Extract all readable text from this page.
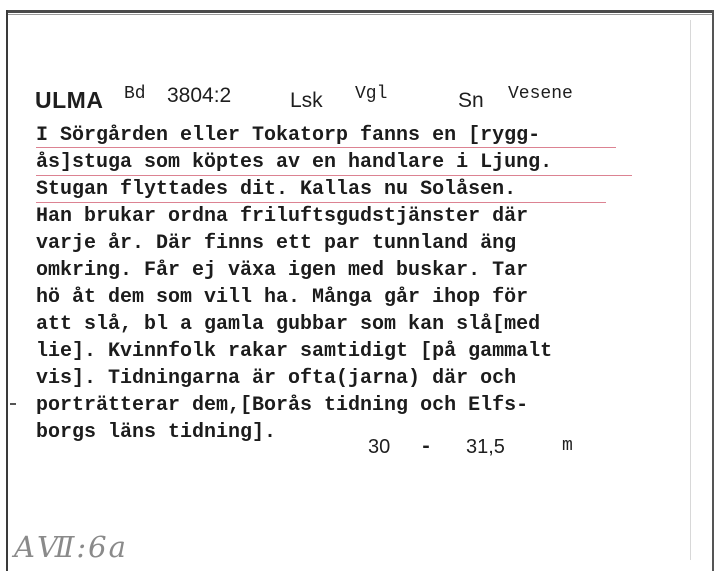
ULMA Bd 3804:2	Lsk Vgl	Sn Vesene
I Sörgården eller Tokatorp fanns en [rygg-
ås]stuga som köptes av en handlare i Ljung.
Stugan flyttades dit. Kallas nu Solåsen.
Han brukar ordna friluftsgudstjänster där
varje år. Där finns ett par tunnland äng
omkring. Får ej växa igen med buskar. Tar
hö åt dem som vill ha. Många går ihop för
att slå, bl a gamla gubbar som kan slå[med
lie]. Kvinnfolk rakar samtidigt [på gammalt
vis]. Tidningarna är ofta(jarna) där och
porträtterar dem,[Borås tidning och Elfs-
borgs läns tidning].
30 - 31,5	m
AⅦ:6a
